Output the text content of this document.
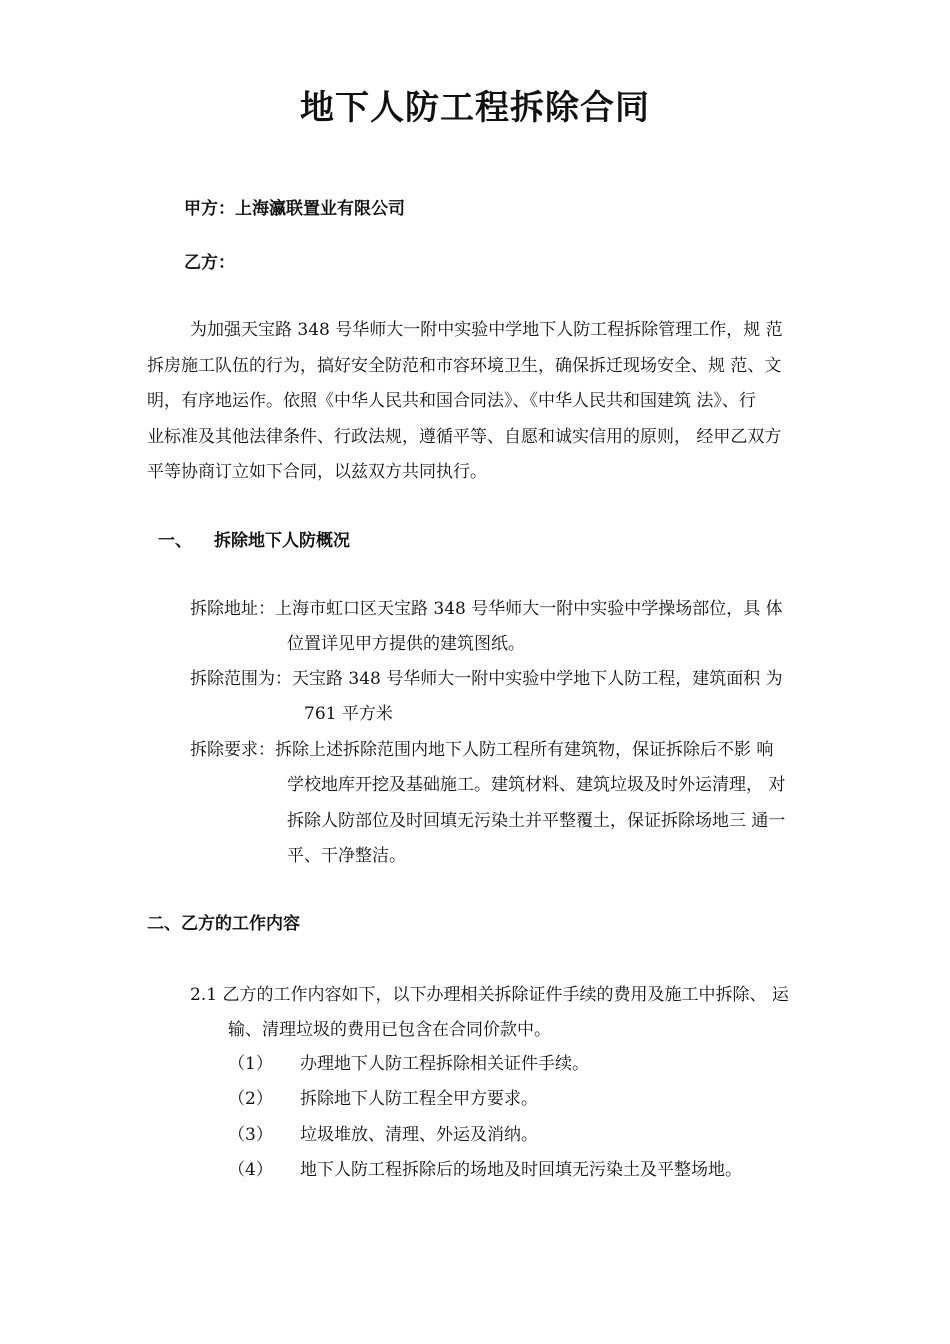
地下人防工程拆除合同
甲方：上海瀛联置业有限公司
乙方：
为加强天宝路 348 号华师大一附中实验中学地下人防工程拆除管理工作，规 范
拆房施工队伍的行为，搞好安全防范和市容环境卫生，确保拆迁现场安全、规 范、文
明，有序地运作。依照《中华人民共和国合同法》、《中华人民共和国建筑 法》、行
业标准及其他法律条件、行政法规，遵循平等、自愿和诚实信用的原则， 经甲乙双方
平等协商订立如下合同，以兹双方共同执行。
一、 拆除地下人防概况
拆除地址：上海市虹口区天宝路 348 号华师大一附中实验中学操场部位，具 体
位置详见甲方提供的建筑图纸。
拆除范围为：天宝路 348 号华师大一附中实验中学地下人防工程，建筑面积 为
761 平方米
拆除要求：拆除上述拆除范围内地下人防工程所有建筑物，保证拆除后不影 响
学校地库开挖及基础施工。建筑材料、建筑垃圾及时外运清理， 对
拆除人防部位及时回填无污染土并平整覆土，保证拆除场地三 通一
平、干净整洁。
二、乙方的工作内容
2.1 乙方的工作内容如下，以下办理相关拆除证件手续的费用及施工中拆除、 运
输、清理垃圾的费用已包含在合同价款中。
（1） 办理地下人防工程拆除相关证件手续。
（2） 拆除地下人防工程全甲方要求。
（3） 垃圾堆放、清理、外运及消纳。
（4） 地下人防工程拆除后的场地及时回填无污染土及平整场地。
